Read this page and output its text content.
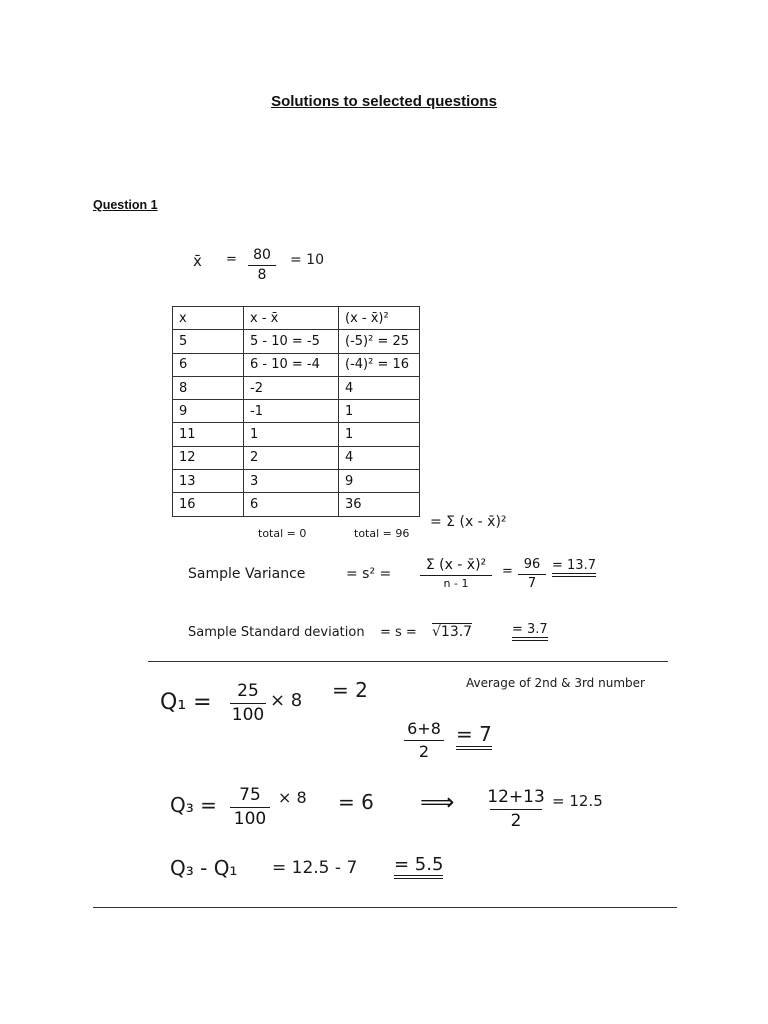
Solutions to selected questions
Question 1
x̄ = 80
8
= 10
x	x - x̄	(x - x̄)²
5	5 - 10 = -5	(-5)² = 25
6	6 - 10 = -4	(-4)² = 16
8	-2	4
9	-1	1
11	1	1
12	2	4
13	3	9
16	6	36
total = 0	total = 96
= Σ (x - x̄)²
Sample Variance	= s² =
Σ (x - x̄)²
n - 1
= 96
7
= 13.7
Sample Standard deviation = s = √13.7	= 3.7
Q₁ = 25
100
× 8 = 2	Average of 2nd & 3rd number
6+8
2
= 7
Q₃ = 75
100
× 8 = 6 ⟹ 12+13
2
= 12.5
Q₃ - Q₁ = 12.5 - 7 = 5.5
